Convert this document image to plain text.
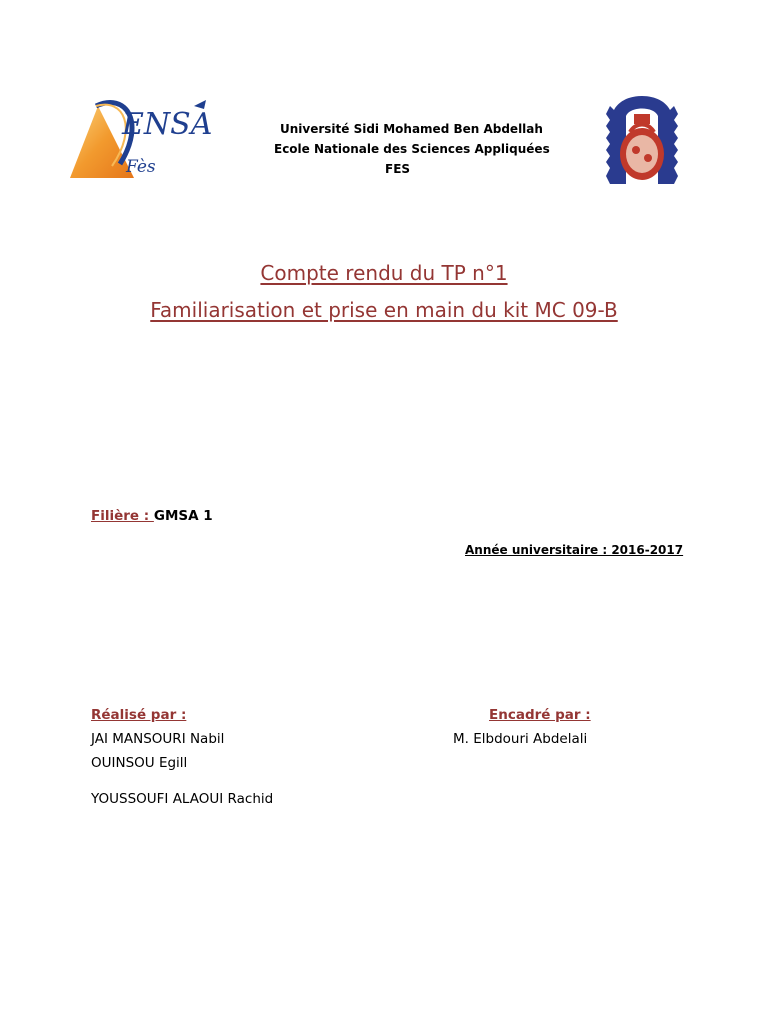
ENSA
Fès
Université Sidi Mohamed Ben Abdellah
Ecole Nationale des Sciences Appliquées
FES
Compte rendu du TP n°1
Familiarisation et prise en main du kit MC 09-B
Filière : GMSA 1
Année universitaire : 2016-2017
Réalisé par :	Encadré par :
JAI MANSOURI Nabil
OUINSOU Egill
YOUSSOUFI ALAOUI Rachid
M. Elbdouri Abdelali
